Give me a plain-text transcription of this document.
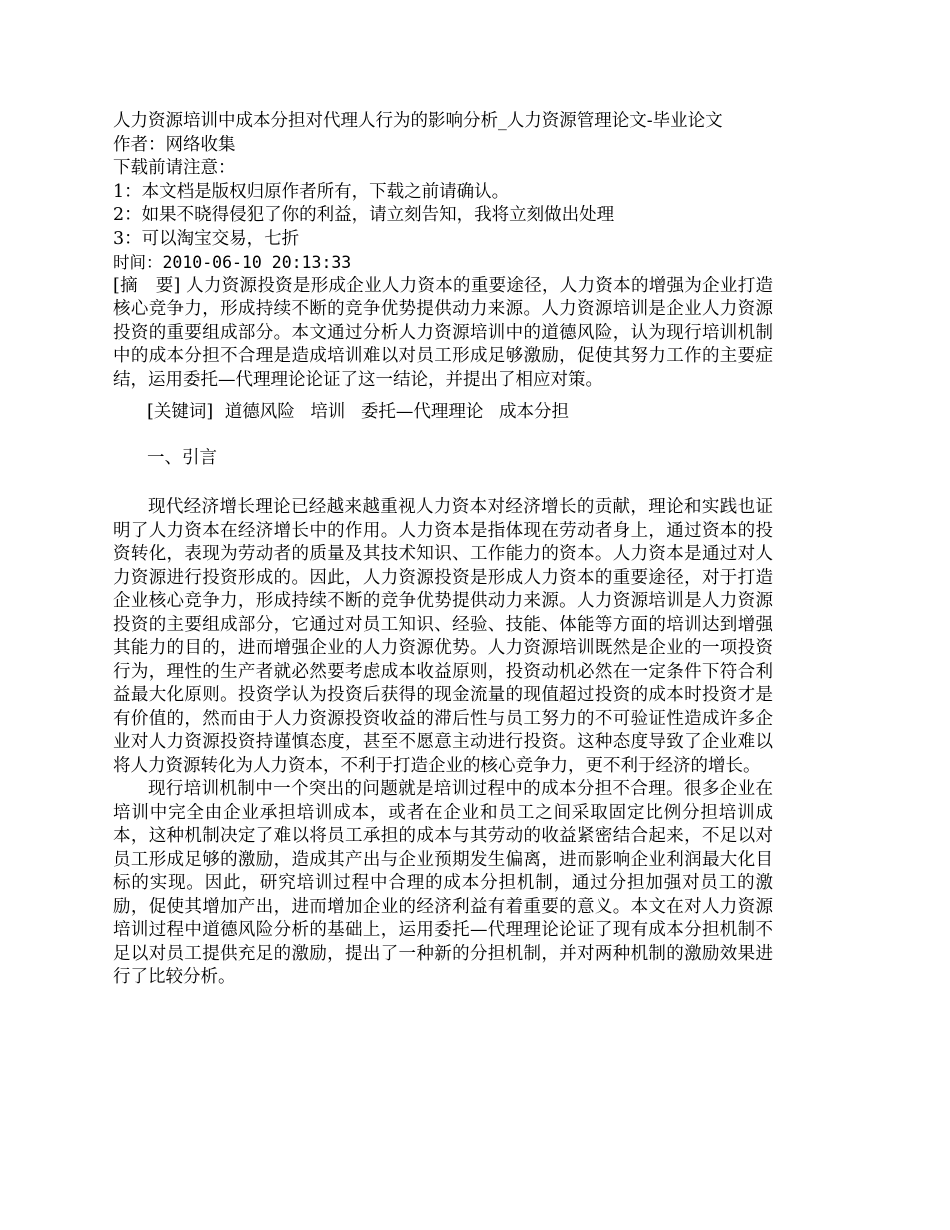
人力资源培训中成本分担对代理人行为的影响分析_人力资源管理论文-毕业论文
作者：网络收集
下载前请注意：
1：本文档是版权归原作者所有，下载之前请确认。
2：如果不晓得侵犯了你的利益，请立刻告知，我将立刻做出处理
3：可以淘宝交易，七折
时间：2010-06-10 20:13:33

[摘　要] 人力资源投资是形成企业人力资本的重要途径，人力资本的增强为企业打造核心竞争力，形成持续不断的竞争优势提供动力来源。人力资源培训是企业人力资源投资的重要组成部分。本文通过分析人力资源培训中的道德风险，认为现行培训机制中的成本分担不合理是造成培训难以对员工形成足够激励，促使其努力工作的主要症结，运用委托—代理理论论证了这一结论，并提出了相应对策。

[关键词] 道德风险 培训 委托—代理理论 成本分担
一、引言

现代经济增长理论已经越来越重视人力资本对经济增长的贡献，理论和实践也证明了人力资本在经济增长中的作用。人力资本是指体现在劳动者身上，通过资本的投资转化，表现为劳动者的质量及其技术知识、工作能力的资本。人力资本是通过对人力资源进行投资形成的。因此，人力资源投资是形成人力资本的重要途径，对于打造企业核心竞争力，形成持续不断的竞争优势提供动力来源。人力资源培训是人力资源投资的主要组成部分，它通过对员工知识、经验、技能、体能等方面的培训达到增强其能力的目的，进而增强企业的人力资源优势。人力资源培训既然是企业的一项投资行为，理性的生产者就必然要考虑成本收益原则，投资动机必然在一定条件下符合利益最大化原则。投资学认为投资后获得的现金流量的现值超过投资的成本时投资才是有价值的，然而由于人力资源投资收益的滞后性与员工努力的不可验证性造成许多企业对人力资源投资持谨慎态度，甚至不愿意主动进行投资。这种态度导致了企业难以将人力资源转化为人力资本，不利于打造企业的核心竞争力，更不利于经济的增长。

现行培训机制中一个突出的问题就是培训过程中的成本分担不合理。很多企业在培训中完全由企业承担培训成本，或者在企业和员工之间采取固定比例分担培训成本，这种机制决定了难以将员工承担的成本与其劳动的收益紧密结合起来，不足以对员工形成足够的激励，造成其产出与企业预期发生偏离，进而影响企业利润最大化目标的实现。因此，研究培训过程中合理的成本分担机制，通过分担加强对员工的激励，促使其增加产出，进而增加企业的经济利益有着重要的意义。本文在对人力资源培训过程中道德风险分析的基础上，运用委托—代理理论论证了现有成本分担机制不足以对员工提供充足的激励，提出了一种新的分担机制，并对两种机制的激励效果进行了比较分析。
